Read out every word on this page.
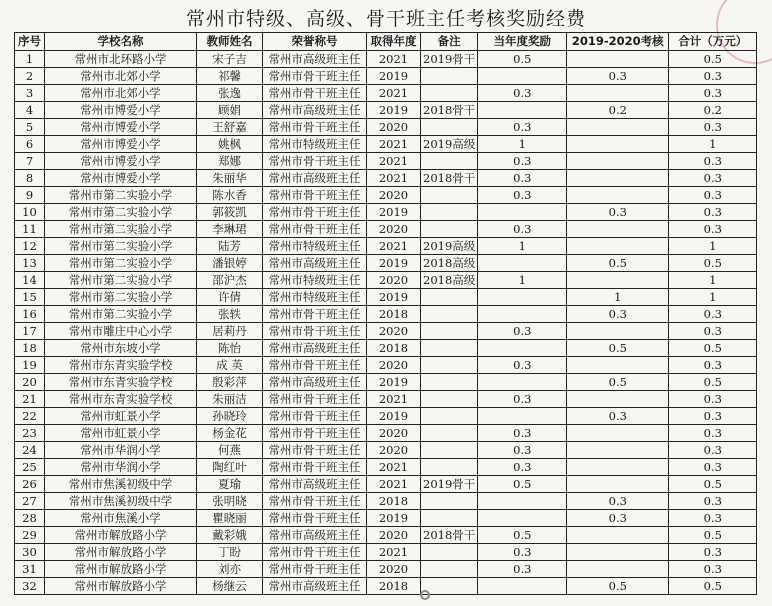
常州市特级、高级、骨干班主任考核奖励经费
序号	学校名称	教师姓名	荣誉称号	取得年度	备注	当年度奖励	2019-2020考核	合计（万元）
1	常州市北环路小学	宋子吉	常州市高级班主任	2021	2019骨干	0.5		0.5
2	常州市北郊小学	祁馨	常州市骨干班主任	2019			0.3	0.3
3	常州市北郊小学	张逸	常州市骨干班主任	2021		0.3		0.3
4	常州市博爱小学	顾娟	常州市高级班主任	2019	2018骨干		0.2	0.2
5	常州市博爱小学	王舒嘉	常州市骨干班主任	2020		0.3		0.3
6	常州市博爱小学	姚枫	常州市特级班主任	2021	2019高级	1		1
7	常州市博爱小学	郑娜	常州市骨干班主任	2021		0.3		0.3
8	常州市博爱小学	朱丽华	常州市高级班主任	2021	2018骨干	0.3		0.3
9	常州市第二实验小学	陈水香	常州市骨干班主任	2020		0.3		0.3
10	常州市第二实验小学	郭筱凯	常州市骨干班主任	2019			0.3	0.3
11	常州市第二实验小学	李琳珺	常州市骨干班主任	2020		0.3		0.3
12	常州市第二实验小学	陆芳	常州市特级班主任	2021	2019高级	1		1
13	常州市第二实验小学	潘银婷	常州市高级班主任	2019	2018高级		0.5	0.5
14	常州市第二实验小学	邵沪杰	常州市特级班主任	2020	2018高级	1		1
15	常州市第二实验小学	许倩	常州市特级班主任	2019			1	1
16	常州市第二实验小学	张轶	常州市骨干班主任	2018			0.3	0.3
17	常州市雕庄中心小学	居莉丹	常州市骨干班主任	2020		0.3		0.3
18	常州市东坡小学	陈怡	常州市高级班主任	2018			0.5	0.5
19	常州市东青实验学校	成 英	常州市骨干班主任	2020		0.3		0.3
20	常州市东青实验学校	殷彩萍	常州市高级班主任	2019			0.5	0.5
21	常州市东青实验学校	朱丽洁	常州市骨干班主任	2021		0.3		0.3
22	常州市虹景小学	孙晓玲	常州市骨干班主任	2019			0.3	0.3
23	常州市虹景小学	杨金花	常州市骨干班主任	2020		0.3		0.3
24	常州市华润小学	何燕	常州市骨干班主任	2020		0.3		0.3
25	常州市华润小学	陶红叶	常州市骨干班主任	2021		0.3		0.3
26	常州市焦溪初级中学	夏瑜	常州市高级班主任	2021	2019骨干	0.5		0.5
27	常州市焦溪初级中学	张明晓	常州市骨干班主任	2018			0.3	0.3
28	常州市焦溪小学	瞿晓丽	常州市骨干班主任	2019			0.3	0.3
29	常州市解放路小学	戴彩娥	常州市高级班主任	2020	2018骨干	0.5		0.5
30	常州市解放路小学	丁盼	常州市骨干班主任	2021		0.3		0.3
31	常州市解放路小学	刘亦	常州市骨干班主任	2020		0.3		0.3
32	常州市解放路小学	杨继云	常州市高级班主任	2018			0.5	0.5
